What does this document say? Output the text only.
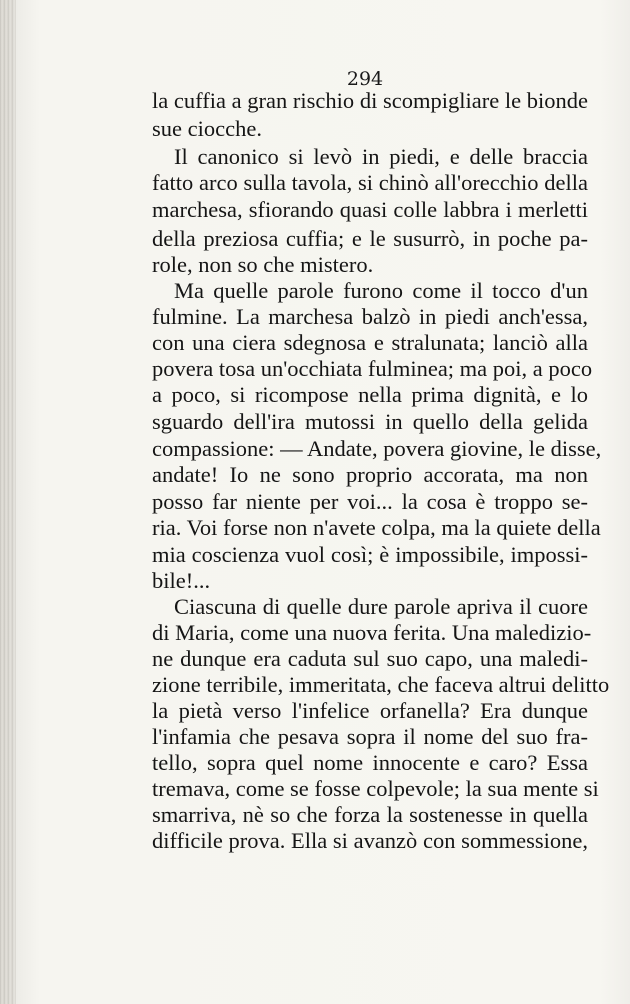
294
la cuffia a gran rischio di scompigliare le bionde
sue ciocche.
Il canonico si levò in piedi, e delle braccia
fatto arco sulla tavola, si chinò all'orecchio della
marchesa, sfiorando quasi colle labbra i merletti
della preziosa cuffia; e le susurrò, in poche pa-
role, non so che mistero.
Ma quelle parole furono come il tocco d'un
fulmine. La marchesa balzò in piedi anch'essa,
con una ciera sdegnosa e stralunata; lanciò alla
povera tosa un'occhiata fulminea; ma poi, a poco
a poco, si ricompose nella prima dignità, e lo
sguardo dell'ira mutossi in quello della gelida
compassione: — Andate, povera giovine, le disse,
andate! Io ne sono proprio accorata, ma non
posso far niente per voi... la cosa è troppo se-
ria. Voi forse non n'avete colpa, ma la quiete della
mia coscienza vuol così; è impossibile, impossi-
bile!...
Ciascuna di quelle dure parole apriva il cuore
di Maria, come una nuova ferita. Una maledizio-
ne dunque era caduta sul suo capo, una maledi-
zione terribile, immeritata, che faceva altrui delitto
la pietà verso l'infelice orfanella? Era dunque
l'infamia che pesava sopra il nome del suo fra-
tello, sopra quel nome innocente e caro? Essa
tremava, come se fosse colpevole; la sua mente si
smarriva, nè so che forza la sostenesse in quella
difficile prova. Ella si avanzò con sommessione,
